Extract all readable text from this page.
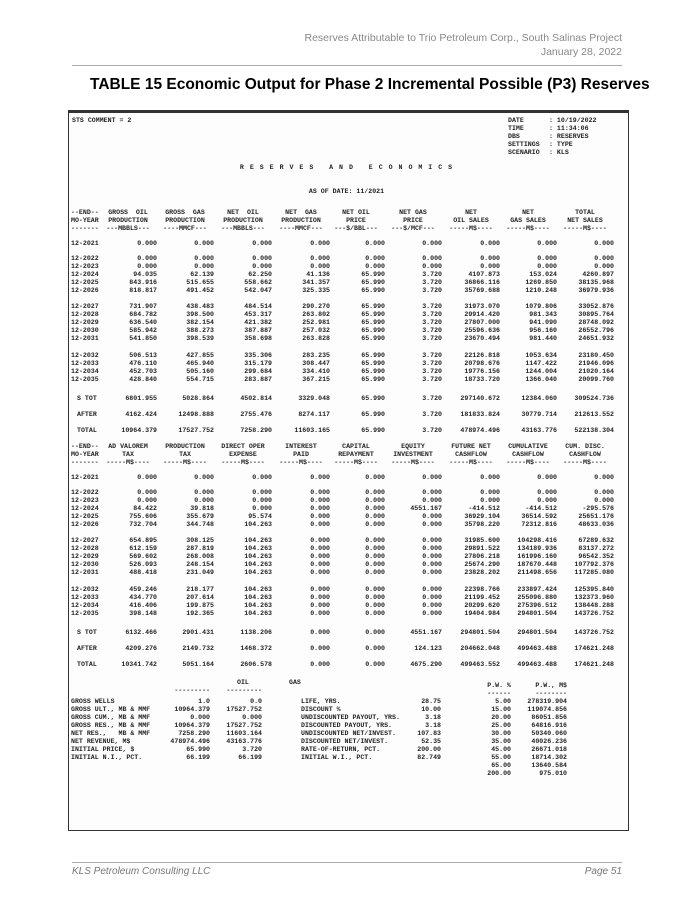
Reserves Attributable to Trio Petroleum Corp., South Salinas Project
January 28, 2022
TABLE 15 Economic Output for Phase 2 Incremental Possible (P3) Reserves
STS COMMENT = 2
R E S E R V E S   A N D   E C O N O M I C S
AS OF DATE: 11/2021
DATE	: 10/19/2022
TIME	: 11:34:06
DBS	: RESERVES
SETTINGS : TYPE
SCENARIO : KLS
--END--
MO-YEAR
-------
GROSS  OIL
PRODUCTION
---MBBLS---
GROSS  GAS
PRODUCTION
----MMCF---
NET  OIL
PRODUCTION
---MBBLS---
NET  GAS
PRODUCTION
----MMCF---
NET OIL
PRICE
---$/BBL---
NET GAS
PRICE
---$/MCF---
NET
OIL SALES
-----M$----
NET
GAS SALES
-----M$----
TOTAL
NET SALES
-----M$----
12-2021	0.000	0.000	0.000	0.000	0.000	0.000	0.000	0.000	0.000
12-2022	0.000	0.000	0.000	0.000	0.000	0.000	0.000	0.000	0.000
12-2023	0.000	0.000	0.000	0.000	0.000	0.000	0.000	0.000	0.000
12-2024	94.035	62.139	62.250	41.136	65.990	3.720	4107.873	153.024	4260.897
12-2025	843.916	515.655	558.662	341.357	65.990	3.720	36866.116	1269.850	38135.968
12-2026	818.817	491.452	542.047	325.335	65.990	3.720	35769.688	1210.248	36979.936
12-2027	731.907	438.483	484.514	290.270	65.990	3.720	31973.070	1079.806	33052.876
12-2028	684.782	398.500	453.317	263.802	65.990	3.720	29914.420	981.343	30895.764
12-2029	636.540	382.154	421.382	252.981	65.990	3.720	27807.000	941.090	28748.092
12-2030	585.942	388.273	387.887	257.032	65.990	3.720	25596.636	956.160	26552.796
12-2031	541.850	398.539	358.698	263.828	65.990	3.720	23670.494	981.440	24651.932
12-2032	506.513	427.855	335.306	283.235	65.990	3.720	22126.818	1053.634	23180.450
12-2033	476.110	465.940	315.179	308.447	65.990	3.720	20798.676	1147.422	21946.096
12-2034	452.703	505.160	299.684	334.410	65.990	3.720	19776.156	1244.004	21020.164
12-2035	428.840	554.715	283.887	367.215	65.990	3.720	18733.720	1366.040	20099.760
S TOT	6801.955	5028.864	4502.814	3329.048	65.990	3.720	297140.672	12384.060	309524.736
AFTER	4162.424	12498.888	2755.476	8274.117	65.990	3.720	181833.824	30779.714	212613.552
TOTAL	10964.379	17527.752	7258.290	11603.165	65.990	3.720	478974.496	43163.776	522138.304
--END--
MO-YEAR
-------
AD VALOREM
TAX
-----M$----
PRODUCTION
TAX
-----M$----
DIRECT OPER
EXPENSE
-----M$----
INTEREST
PAID
-----M$----
CAPITAL
REPAYMENT
-----M$----
EQUITY
INVESTMENT
-----M$----
FUTURE NET
CASHFLOW
-----M$----
CUMULATIVE
CASHFLOW
-----M$----
CUM. DISC.
CASHFLOW
-----M$----
12-2021	0.000	0.000	0.000	0.000	0.000	0.000	0.000	0.000	0.000
12-2022	0.000	0.000	0.000	0.000	0.000	0.000	0.000	0.000	0.000
12-2023	0.000	0.000	0.000	0.000	0.000	0.000	0.000	0.000	0.000
12-2024	84.422	39.818	0.000	0.000	0.000	4551.167	-414.512	-414.512	-295.576
12-2025	755.606	355.679	95.574	0.000	0.000	0.000	36929.104	36514.592	25651.176
12-2026	732.704	344.748	104.263	0.000	0.000	0.000	35798.220	72312.816	48633.036
12-2027	654.895	308.125	104.263	0.000	0.000	0.000	31985.600	104298.416	67289.632
12-2028	612.159	287.819	104.263	0.000	0.000	0.000	29891.522	134189.936	83137.272
12-2029	569.602	268.008	104.263	0.000	0.000	0.000	27806.218	161996.160	96542.352
12-2030	526.093	248.154	104.263	0.000	0.000	0.000	25674.290	187670.448	107792.376
12-2031	488.418	231.049	104.263	0.000	0.000	0.000	23828.202	211498.656	117285.080
12-2032	459.246	218.177	104.263	0.000	0.000	0.000	22398.766	233897.424	125395.840
12-2033	434.770	207.614	104.263	0.000	0.000	0.000	21199.452	255096.880	132373.960
12-2034	416.406	199.875	104.263	0.000	0.000	0.000	20299.620	275396.512	138448.288
12-2035	398.148	192.365	104.263	0.000	0.000	0.000	19404.984	294801.504	143726.752
S TOT	6132.466	2901.431	1138.206	0.000	0.000	4551.167	294801.504	294801.504	143726.752
AFTER	4209.276	2149.732	1468.372	0.000	0.000	124.123	204662.048	499463.488	174621.248
TOTAL	10341.742	5051.164	2606.578	0.000	0.000	4675.290	499463.552	499463.488	174621.248
OIL	GAS
---------	---------
GROSS WELLS	1.0	0.0
GROSS ULT., MB & MMF	10964.379	17527.752
GROSS CUM., MB & MMF	0.000	0.000
GROSS RES., MB & MMF	10964.379	17527.752
NET RES.,   MB & MMF	7258.290	11603.164
NET REVENUE, M$	478974.496	43163.776
INITIAL PRICE, $	65.990	3.720
INITIAL N.I., PCT.	66.199	66.199
LIFE, YRS.	28.75
DISCOUNT %	10.00
UNDISCOUNTED PAYOUT, YRS.	3.18
DISCOUNTED PAYOUT, YRS.	3.18
UNDISCOUNTED NET/INVEST.	107.83
DISCOUNTED NET/INVEST.	52.35
RATE-OF-RETURN, PCT.	200.00
INITIAL W.I., PCT.	82.749
P.W. %	P.W., M$
------	--------
5.00	278319.904
15.00	119074.856
20.00	86051.856
25.00	64816.916
30.00	50340.060
35.00	40026.236
45.00	26671.018
55.00	18714.302
65.00	13640.584
200.00	975.010
KLS Petroleum Consulting LLC	Page 51
